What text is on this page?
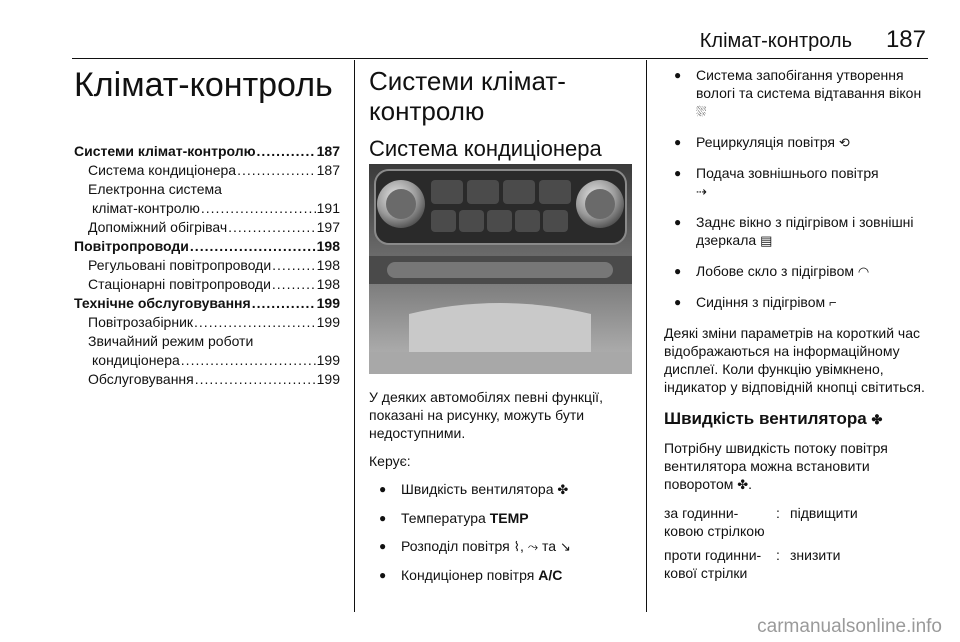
Клімат-контроль 187
Клімат-контроль
Системи клімат-контролю .....	187
Система кондиціонера .....	187
Електронна система
клімат-контролю .....	191
Допоміжний обігрівач .....	197
Повітропроводи .....	198
Регульовані повітропроводи .....	198
Стаціонарні повітропроводи .....	198
Технічне обслуговування .....	199
Повітрозабірник .....	199
Звичайний режим роботи
кондиціонера .....	199
Обслуговування .....	199
Системи клімат-контролю
Система кондиціонера
У деяких автомобілях певні функції, показані на рисунку, можуть бути недоступними.
Керує:
● Швидкість вентилятора ✤
● Температура TEMP
● Розподіл повітря ⌇, ⤳ та ↘
● Кондиціонер повітря A/C
● Система запобігання утворення вологі та система відтавання вікон ⛆
● Рециркуляція повітря ⟲
● Подача зовнішнього повітря
⇢
● Заднє вікно з підігрівом і зовнішні дзеркала ▤
● Лобове скло з підігрівом ◠
● Сидіння з підігрівом ⌐
Деякі зміни параметрів на короткий час відображаються на інформаційному дисплеї. Коли функцію увімкнено, індикатор у відповідній кнопці світиться.
Швидкість вентилятора ✤
Потрібну швидкість потоку повітря вентилятора можна встановити поворотом ✤.
за годинни-ковою стрілкою
: підвищити
проти годинни-кової стрілки
: знизити
carmanualsonline.info
